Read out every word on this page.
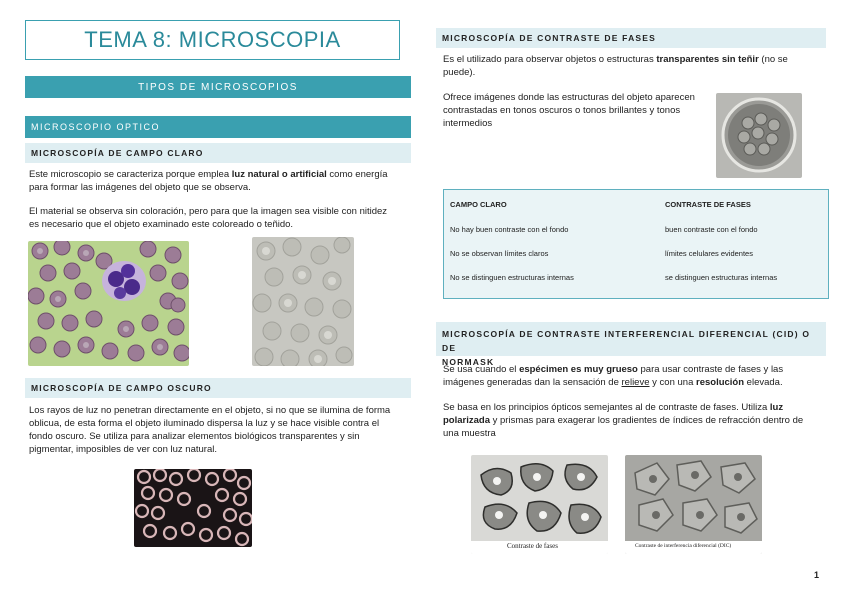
TEMA 8: MICROSCOPIA
TIPOS DE MICROSCOPIOS
MICROSCOPIO OPTICO
MICROSCOPÍA DE CAMPO CLARO
Este microscopio se caracteriza porque emplea luz natural o artificial como energía para formar las imágenes del objeto que se observa.
El material se observa sin coloración, pero para que la imagen sea visible con nitidez es necesario que el objeto examinado este coloreado o teñido.
MICROSCOPÍA DE CAMPO OSCURO
Los rayos de luz no penetran directamente en el objeto, si no que se ilumina de forma oblicua, de esta forma el objeto iluminado dispersa la luz y se hace visible contra el fondo oscuro. Se utiliza para analizar elementos biológicos transparentes y sin pigmentar, imposibles de ver con luz natural.
MICROSCOPÍA DE CONTRASTE DE FASES
Es el utilizado para observar objetos o estructuras transparentes sin teñir (no se puede).
Ofrece imágenes donde las estructuras del objeto aparecen contrastadas en tonos oscuros o tonos brillantes y tonos intermedios
CAMPO CLARO	CONTRASTE DE FASES
No hay buen contraste con el fondo	buen contraste con el fondo
No se observan límites claros	límites celulares evidentes
No se distinguen estructuras internas	se distinguen estructuras internas
MICROSCOPÍA DE CONTRASTE INTERFERENCIAL DIFERENCIAL (CID) O DE
NORMASK
Se usa cuando el espécimen es muy grueso para usar contraste de fases y las imágenes generadas dan la sensación de relieve y con una resolución elevada.
Se basa en los principios ópticos semejantes al de contraste de fases. Utiliza luz polarizada y prismas para exagerar los gradientes de índices de refracción dentro de una muestra
Contraste de fases	Contraste de interferencia diferencial (DIC)
1
